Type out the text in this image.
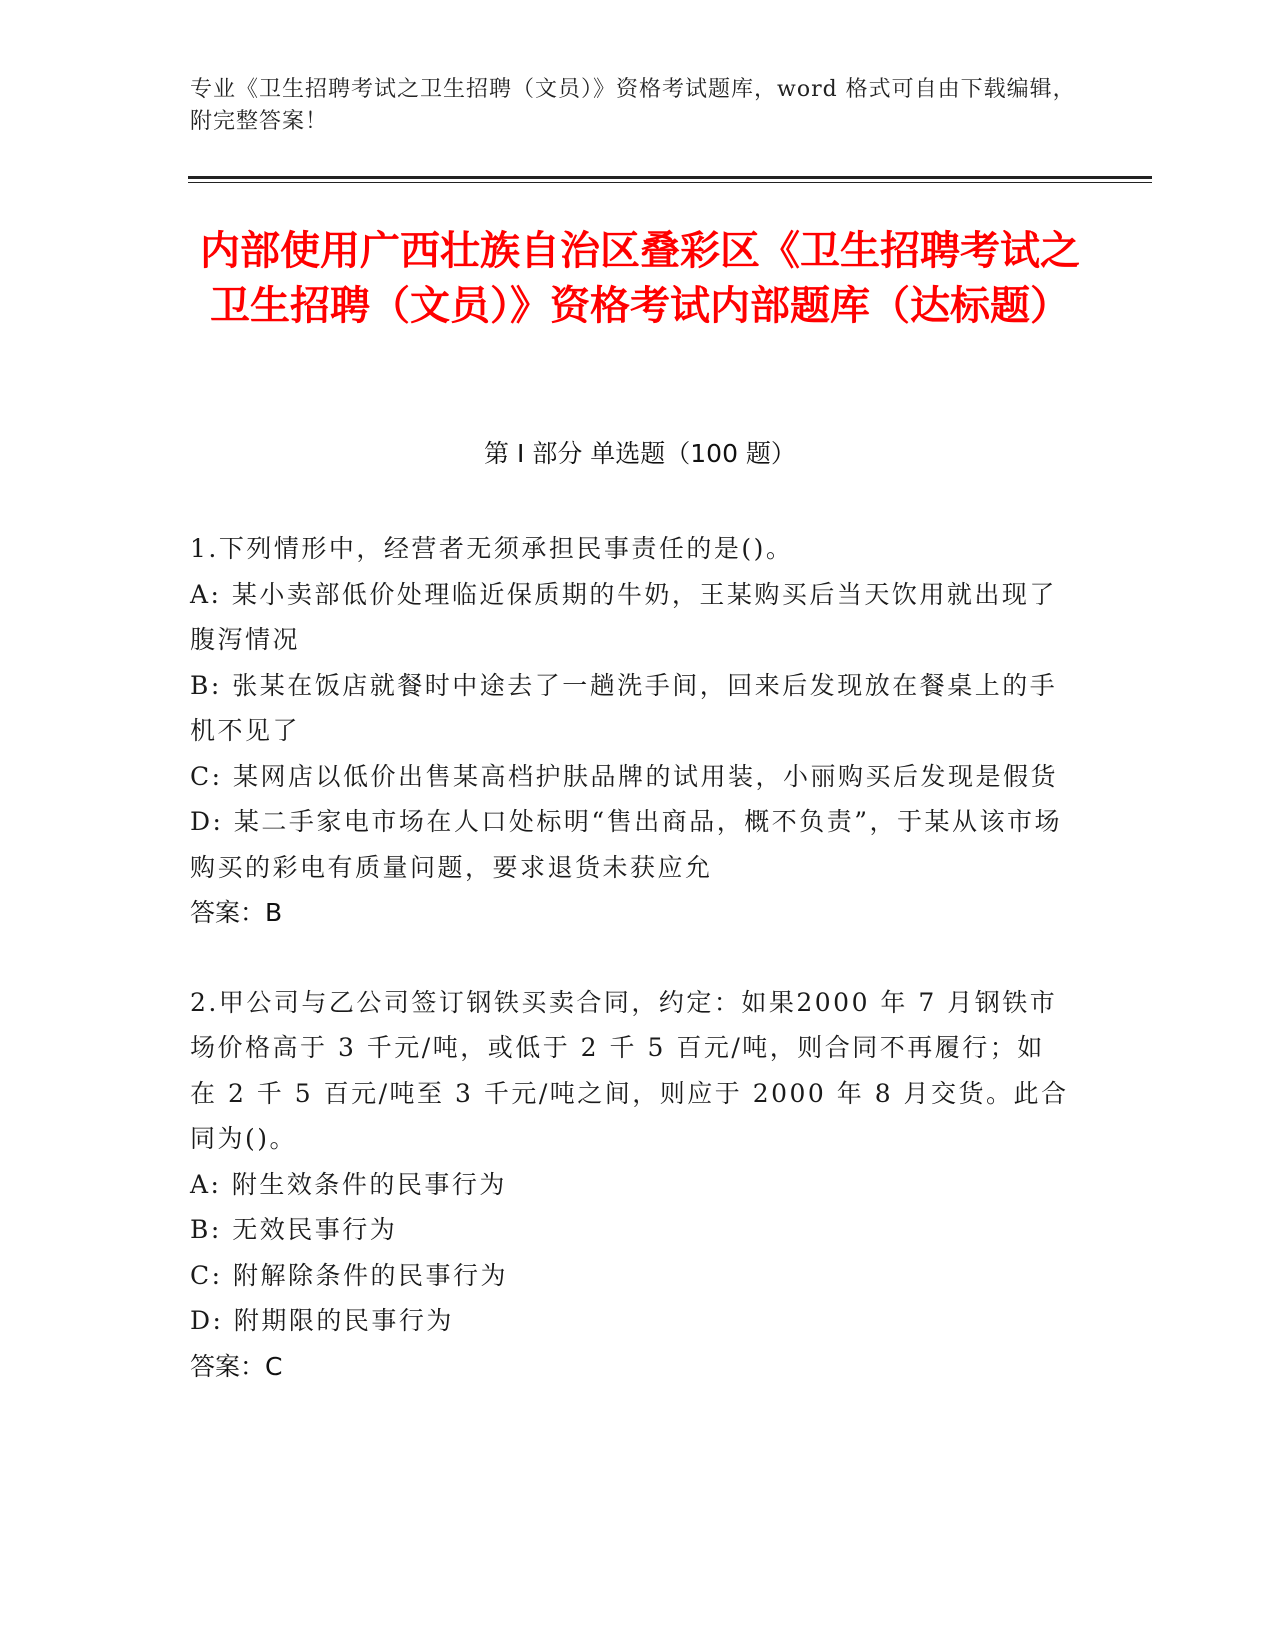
专业《卫生招聘考试之卫生招聘（文员）》资格考试题库，word 格式可自由下载编辑，附完整答案！
内部使用广西壮族自治区叠彩区《卫生招聘考试之卫生招聘（文员）》资格考试内部题库（达标题）
第 I 部分 单选题（100 题）

1.下列情形中，经营者无须承担民事责任的是()。

A: 某小卖部低价处理临近保质期的牛奶，王某购买后当天饮用就出现了腹泻情况

B: 张某在饭店就餐时中途去了一趟洗手间，回来后发现放在餐桌上的手机不见了

C: 某网店以低价出售某高档护肤品牌的试用装，小丽购买后发现是假货

D: 某二手家电市场在人口处标明“售出商品，概不负责”，于某从该市场购买的彩电有质量问题，要求退货未获应允

答案：B

2.甲公司与乙公司签订钢铁买卖合同，约定：如果2000 年 7 月钢铁市场价格高于 3 千元/吨，或低于 2 千 5 百元/吨，则合同不再履行；如在 2 千 5 百元/吨至 3 千元/吨之间，则应于 2000 年 8 月交货。此合同为()。

A: 附生效条件的民事行为

B: 无效民事行为

C: 附解除条件的民事行为

D: 附期限的民事行为

答案：C
